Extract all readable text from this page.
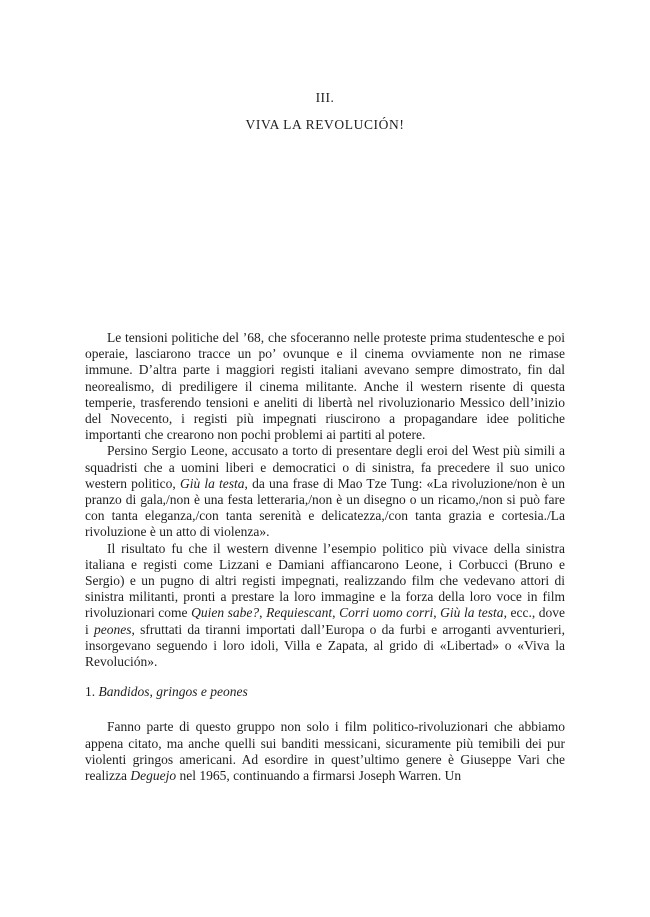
III.
VIVA LA REVOLUCIÓN!

Le tensioni politiche del ’68, che sfoceranno nelle proteste prima studentesche e poi operaie, lasciarono tracce un po’ ovunque e il cinema ovviamente non ne rimase immune. D’altra parte i maggiori registi italiani avevano sempre dimostrato, fin dal neorealismo, di prediligere il cinema militante. Anche il western risente di questa temperie, trasferendo tensioni e aneliti di libertà nel rivoluzionario Messico dell’inizio del Novecento, i registi più impegnati riuscirono a propagandare idee politiche importanti che crearono non pochi problemi ai partiti al potere.

Persino Sergio Leone, accusato a torto di presentare degli eroi del West più simili a squadristi che a uomini liberi e democratici o di sinistra, fa precedere il suo unico western politico, Giù la testa, da una frase di Mao Tze Tung: «La rivoluzione/non è un pranzo di gala,/non è una festa letteraria,/non è un disegno o un ricamo,/non si può fare con tanta eleganza,/con tanta serenità e delicatezza,/con tanta grazia e cortesia./La rivoluzione è un atto di violenza».

Il risultato fu che il western divenne l’esempio politico più vivace della sinistra italiana e registi come Lizzani e Damiani affiancarono Leone, i Corbucci (Bruno e Sergio) e un pugno di altri registi impegnati, realizzando film che vedevano attori di sinistra militanti, pronti a prestare la loro immagine e la forza della loro voce in film rivoluzionari come Quien sabe?, Requiescant, Corri uomo corri, Giù la testa, ecc., dove i peones, sfruttati da tiranni importati dall’Europa o da furbi e arroganti avventurieri, insorgevano seguendo i loro idoli, Villa e Zapata, al grido di «Libertad» o «Viva la Revolución».

1. Bandidos, gringos e peones

Fanno parte di questo gruppo non solo i film politico-rivoluzionari che abbiamo appena citato, ma anche quelli sui banditi messicani, sicuramente più temibili dei pur violenti gringos americani. Ad esordire in quest’ultimo genere è Giuseppe Vari che realizza Deguejo nel 1965, continuando a firmarsi Joseph Warren. Un
